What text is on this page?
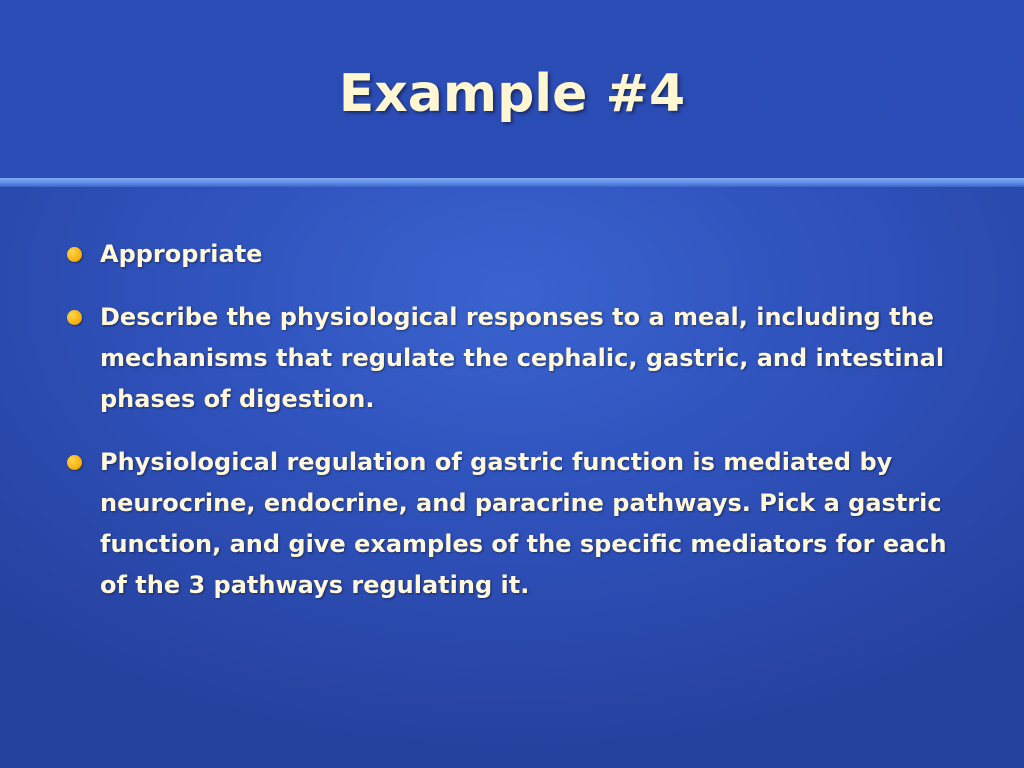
Example #4
Appropriate
Describe the physiological responses to a meal, including the mechanisms that regulate the cephalic, gastric, and intestinal phases of digestion.
Physiological regulation of gastric function is mediated by neurocrine, endocrine, and paracrine pathways. Pick a gastric function, and give examples of the specific mediators for each of the 3 pathways regulating it.
